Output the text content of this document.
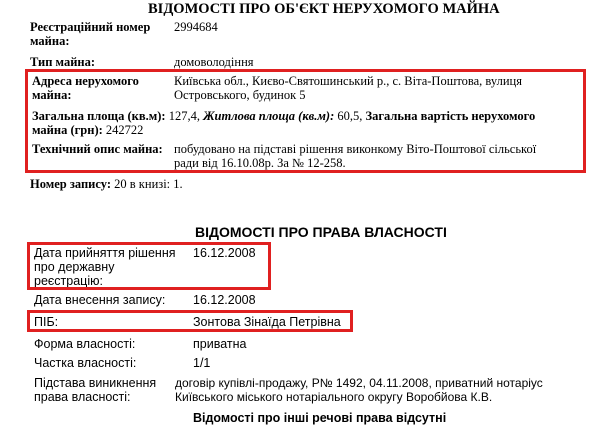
ВІДОМОСТІ ПРО ОБ'ЄКТ НЕРУХОМОГО МАЙНА
Реєстраційний номер
майна:
2994684
Тип майна:	домоволодіння
Адреса нерухомого
майна:
Київська обл., Києво-Святошинський р., с. Віта-Поштова, вулиця
Островського, будинок 5
Загальна площа (кв.м): 127,4, Житлова площа (кв.м): 60,5, Загальна вартість нерухомого
майна (грн): 242722
Технічний опис майна: побудовано на підставі рішення виконкому Віто-Поштової сільської
ради від 16.10.08р. За № 12-258.
Номер запису: 20 в книзі: 1.
ВІДОМОСТІ ПРО ПРАВА ВЛАСНОСТІ
Дата прийняття рішення
про державну
реєстрацію:
16.12.2008
Дата внесення запису: 16.12.2008
ПІБ:	Зонтова Зінаїда Петрівна
Форма власності:	приватна
Частка власності:	1/1
Підстава виникнення
права власності:
договір купівлі-продажу, Р№ 1492, 04.11.2008, приватний нотаріус
Київського міського нотаріального округу Воробйова К.В.
Відомості про інші речові права відсутні
